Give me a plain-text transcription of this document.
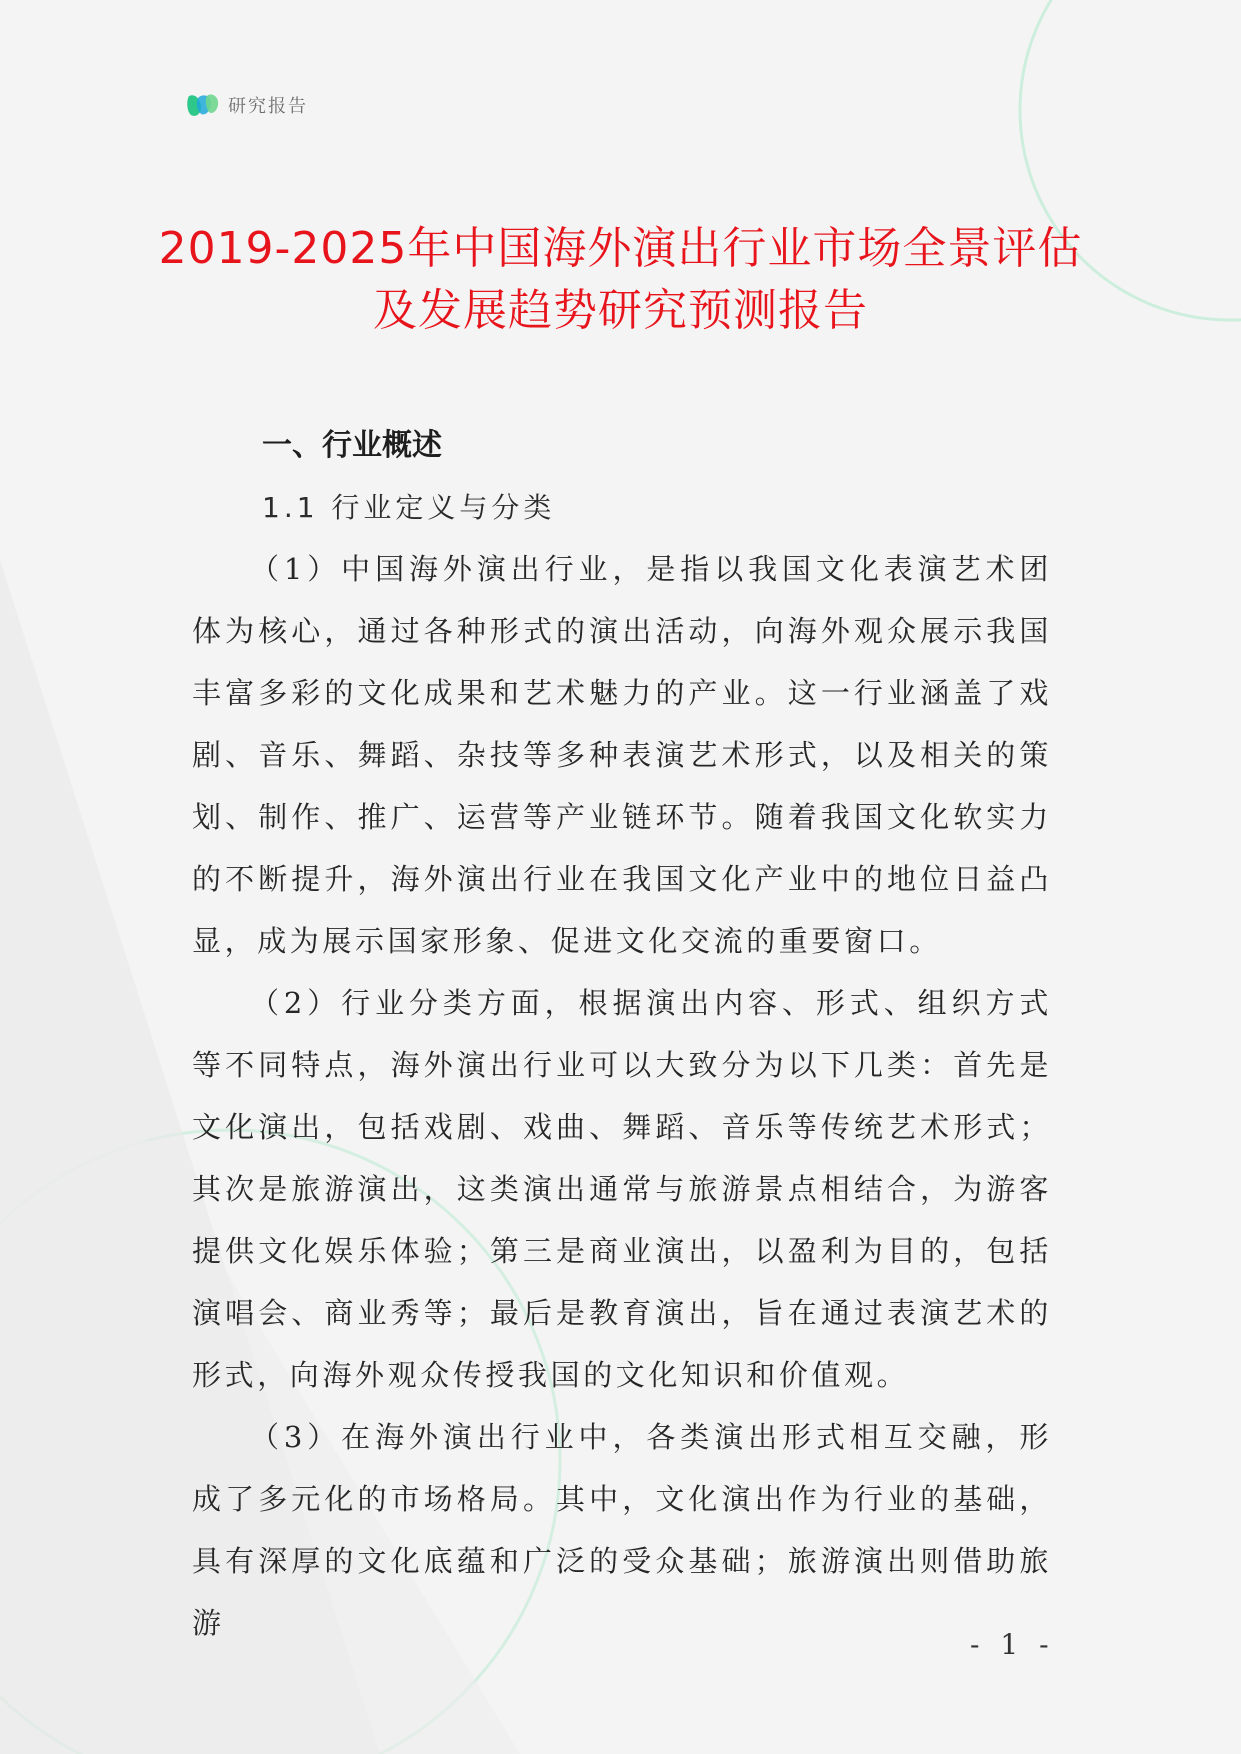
研究报告
2019-2025年中国海外演出行业市场全景评估及发展趋势研究预测报告
一、行业概述
1.1 行业定义与分类

（1）中国海外演出行业，是指以我国文化表演艺术团体为核心，通过各种形式的演出活动，向海外观众展示我国丰富多彩的文化成果和艺术魅力的产业。这一行业涵盖了戏剧、音乐、舞蹈、杂技等多种表演艺术形式，以及相关的策划、制作、推广、运营等产业链环节。随着我国文化软实力的不断提升，海外演出行业在我国文化产业中的地位日益凸显，成为展示国家形象、促进文化交流的重要窗口。

（2）行业分类方面，根据演出内容、形式、组织方式等不同特点，海外演出行业可以大致分为以下几类：首先是文化演出，包括戏剧、戏曲、舞蹈、音乐等传统艺术形式；其次是旅游演出，这类演出通常与旅游景点相结合，为游客提供文化娱乐体验；第三是商业演出，以盈利为目的，包括演唱会、商业秀等；最后是教育演出，旨在通过表演艺术的形式，向海外观众传授我国的文化知识和价值观。

（3）在海外演出行业中，各类演出形式相互交融，形成了多元化的市场格局。其中，文化演出作为行业的基础，具有深厚的文化底蕴和广泛的受众基础；旅游演出则借助旅游

- 1 -
